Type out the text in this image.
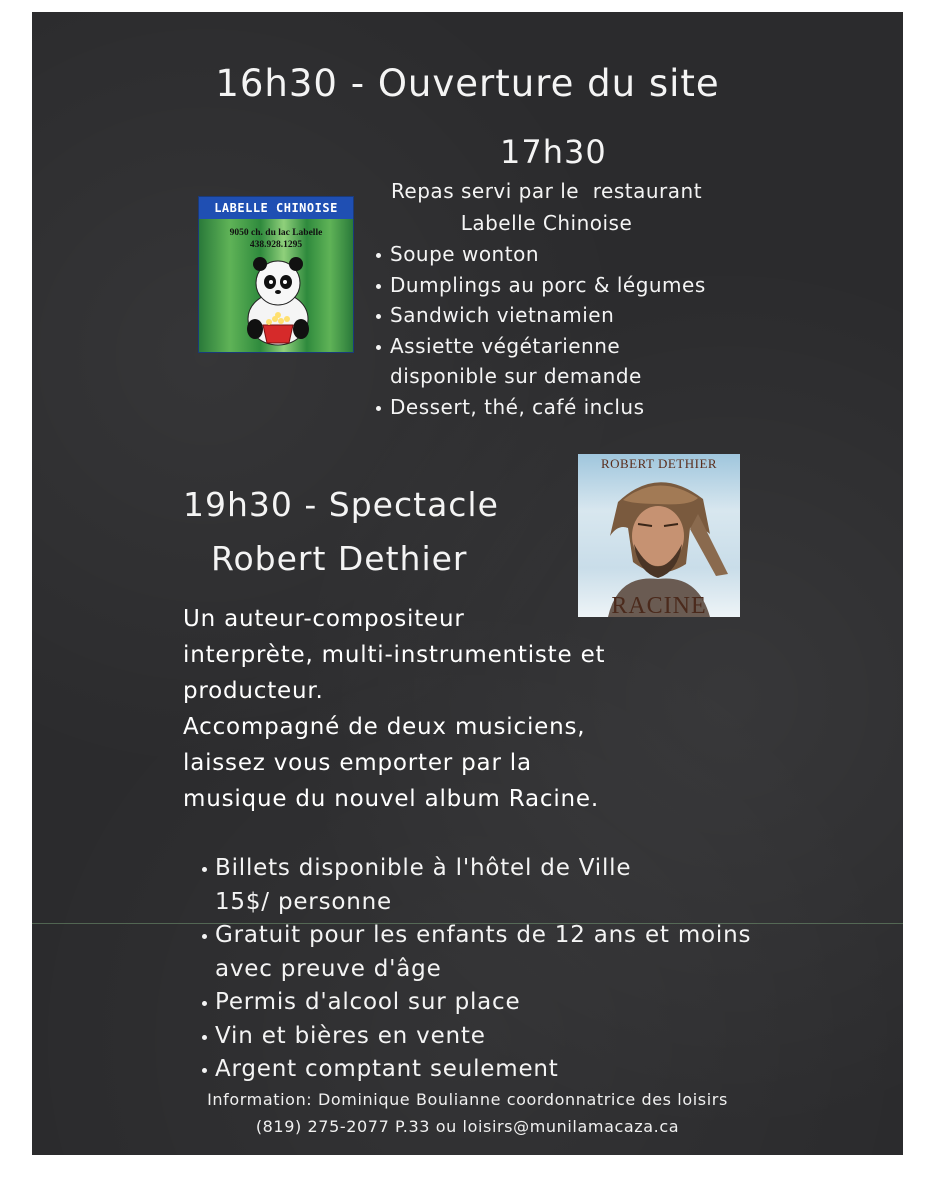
16h30 - Ouverture du site
17h30
Repas servi par le  restaurant
Labelle Chinoise
Soupe wonton
Dumplings au porc & légumes
Sandwich vietnamien
Assiette végétarienne
disponible sur demande
Dessert, thé, café inclus
LABELLE CHINOISE
9050 ch. du lac Labelle
438.928.1295
19h30 - Spectacle
Robert Dethier
ROBERT DETHIER
RACINE
Un auteur-compositeur
interprète, multi-instrumentiste et
producteur.
Accompagné de deux musiciens,
laissez vous emporter par la
musique du nouvel album Racine.
Billets disponible à l'hôtel de Ville
15$/ personne
Gratuit pour les enfants de 12 ans et moins
avec preuve d'âge
Permis d'alcool sur place
Vin et bières en vente
Argent comptant seulement
Information: Dominique Boulianne coordonnatrice des loisirs
(819) 275-2077 P.33 ou loisirs@munilamacaza.ca
